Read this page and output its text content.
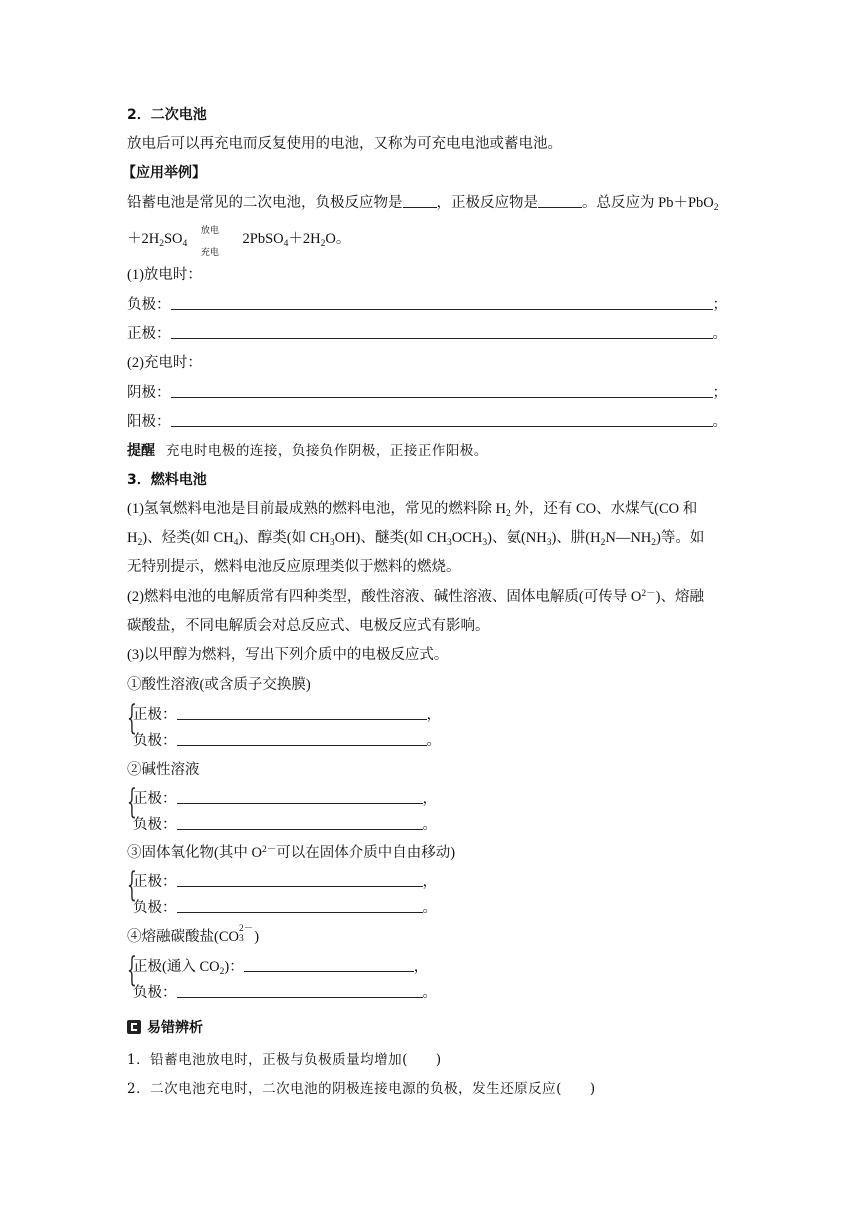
2．二次电池
放电后可以再充电而反复使用的电池，又称为可充电电池或蓄电池。
【应用举例】
铅蓄电池是常见的二次电池，负极反应物是 ，正极反应物是	。总反应为 Pb＋PbO$_2$
$+2H_2SO_4$
放电
充电
$2PbSO_4+2H_2O$。
(1)放电时：
负极：	；
正极：	。
(2)充电时：
阴极：	；
阳极：	。
提醒 充电时电极的连接，负接负作阴极，正接正作阳极。
3．燃料电池
(1)氢氧燃料电池是目前最成熟的燃料电池，常见的燃料除 $H_2$ 外，还有 CO、水煤气(CO 和
$H_2$)、烃类(如 $CH_4$)、醇类(如 $CH_3OH$)、醚类(如 $CH_3OCH_3$)、氨$(NH_3)$、肼$(H_2N—NH_2)$等。如
无特别提示，燃料电池反应原理类似于燃料的燃烧。
(2)燃料电池的电解质常有四种类型，酸性溶液、碱性溶液、固体电解质(可传导 $O^{2-}$)、熔融
碳酸盐，不同电解质会对总反应式、电极反应式有影响。
(3)以甲醇为燃料，写出下列介质中的电极反应式。
①酸性溶液(或含质子交换膜)
{
正极：	，
负极：	。
②碱性溶液
{
正极：	，
负极：	。
③固体氧化物(其中 $O^{2-}$可以在固体介质中自由移动)
{
正极：	，
负极：	。
④熔融碳酸盐(CO 3
2－ )
{
正极(通入 $CO_2$)：	，
负极：	。
易错辨析
1．铅蓄电池放电时，正极与负极质量均增加(　　)
2．二次电池充电时，二次电池的阴极连接电源的负极，发生还原反应(　　)
